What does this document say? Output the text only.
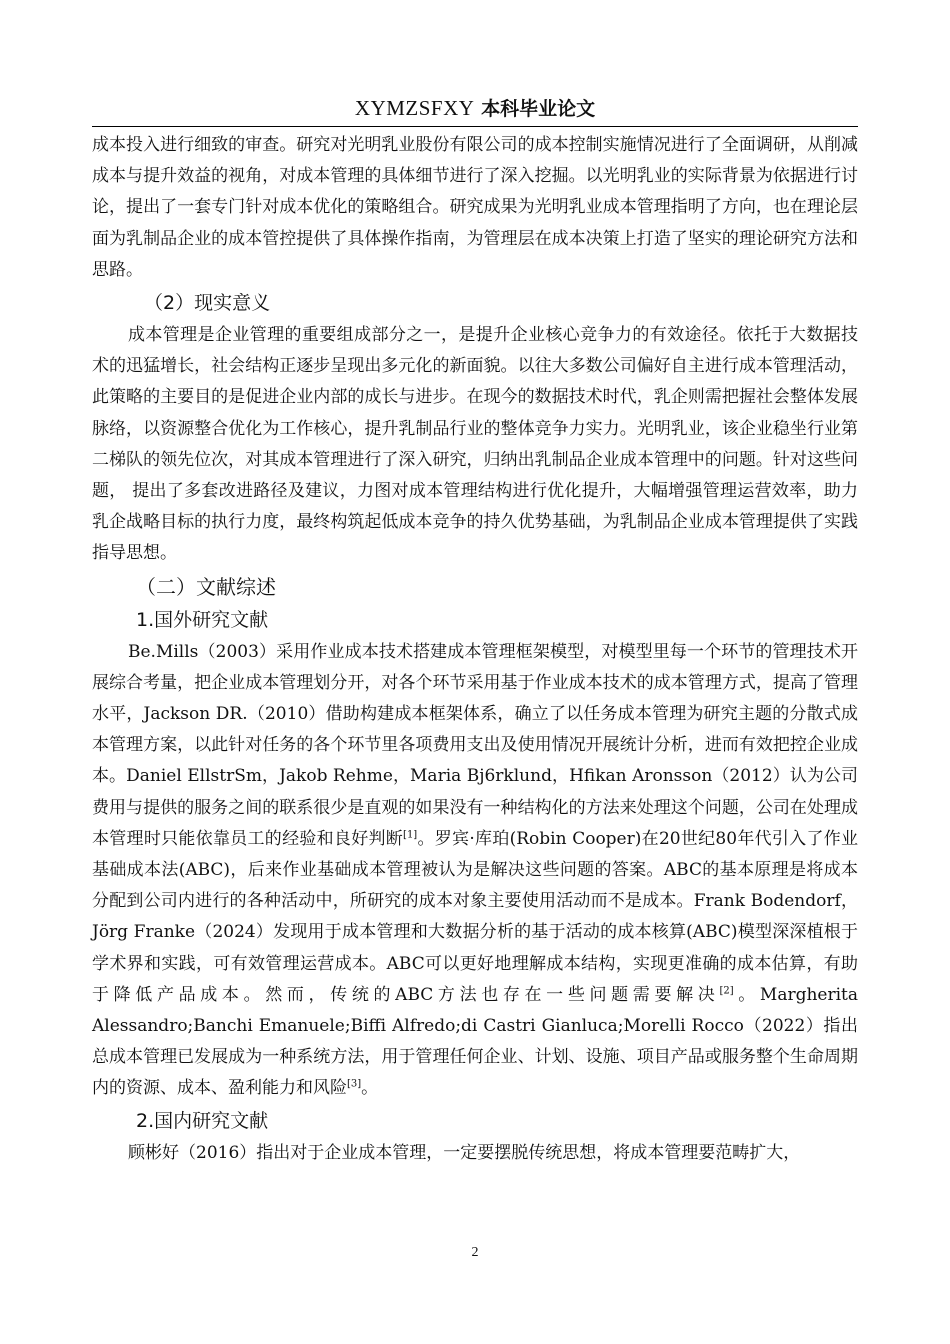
XYMZSFXY 本科毕业论文

成本投入进行细致的审查。研究对光明乳业股份有限公司的成本控制实施情况进行了全面调研，从削减成本与提升效益的视角，对成本管理的具体细节进行了深入挖掘。以光明乳业的实际背景为依据进行讨论，提出了一套专门针对成本优化的策略组合。研究成果为光明乳业成本管理指明了方向，也在理论层面为乳制品企业的成本管控提供了具体操作指南，为管理层在成本决策上打造了坚实的理论研究方法和思路。

（2）现实意义

成本管理是企业管理的重要组成部分之一，是提升企业核心竞争力的有效途径。依托于大数据技术的迅猛增长，社会结构正逐步呈现出多元化的新面貌。以往大多数公司偏好自主进行成本管理活动，此策略的主要目的是促进企业内部的成长与进步。在现今的数据技术时代，乳企则需把握社会整体发展脉络，以资源整合优化为工作核心，提升乳制品行业的整体竞争力实力。光明乳业，该企业稳坐行业第二梯队的领先位次，对其成本管理进行了深入研究，归纳出乳制品企业成本管理中的问题。针对这些问题， 提出了多套改进路径及建议，力图对成本管理结构进行优化提升，大幅增强管理运营效率，助力乳企战略目标的执行力度，最终构筑起低成本竞争的持久优势基础，为乳制品企业成本管理提供了实践指导思想。

（二）文献综述
1.国外研究文献

Be.Mills（2003）采用作业成本技术搭建成本管理框架模型，对模型里每一个环节的管理技术开展综合考量，把企业成本管理划分开，对各个环节采用基于作业成本技术的成本管理方式，提高了管理水平，Jackson DR.（2010）借助构建成本框架体系，确立了以任务成本管理为研究主题的分散式成本管理方案，以此针对任务的各个环节里各项费用支出及使用情况开展统计分析，进而有效把控企业成本。Daniel EllstrSm，Jakob Rehme，Maria Bj6rklund，Hfikan Aronsson（2012）认为公司费用与提供的服务之间的联系很少是直观的如果没有一种结构化的方法来处理这个问题，公司在处理成本管理时只能依靠员工的经验和良好判断[1]。罗宾·库珀(Robin Cooper)在20世纪80年代引入了作业基础成本法(ABC)，后来作业基础成本管理被认为是解决这些问题的答案。ABC的基本原理是将成本分配到公司内进行的各种活动中，所研究的成本对象主要使用活动而不是成本。Frank Bodendorf，Jörg Franke（2024）发现用于成本管理和大数据分析的基于活动的成本核算(ABC)模型深深植根于学术界和实践，可有效管理运营成本。ABC可以更好地理解成本结构，实现更准确的成本估算，有助于降低产品成本。然而，传统的ABC方法也存在一些问题需要解决[2]。Margherita Alessandro;Banchi Emanuele;Biffi Alfredo;di Castri Gianluca;Morelli Rocco（2022）指出总成本管理已发展成为一种系统方法，用于管理任何企业、计划、设施、项目产品或服务整个生命周期内的资源、成本、盈利能力和风险[3]。

2.国内研究文献

顾彬好（2016）指出对于企业成本管理，一定要摆脱传统思想，将成本管理要范畴扩大，

2
